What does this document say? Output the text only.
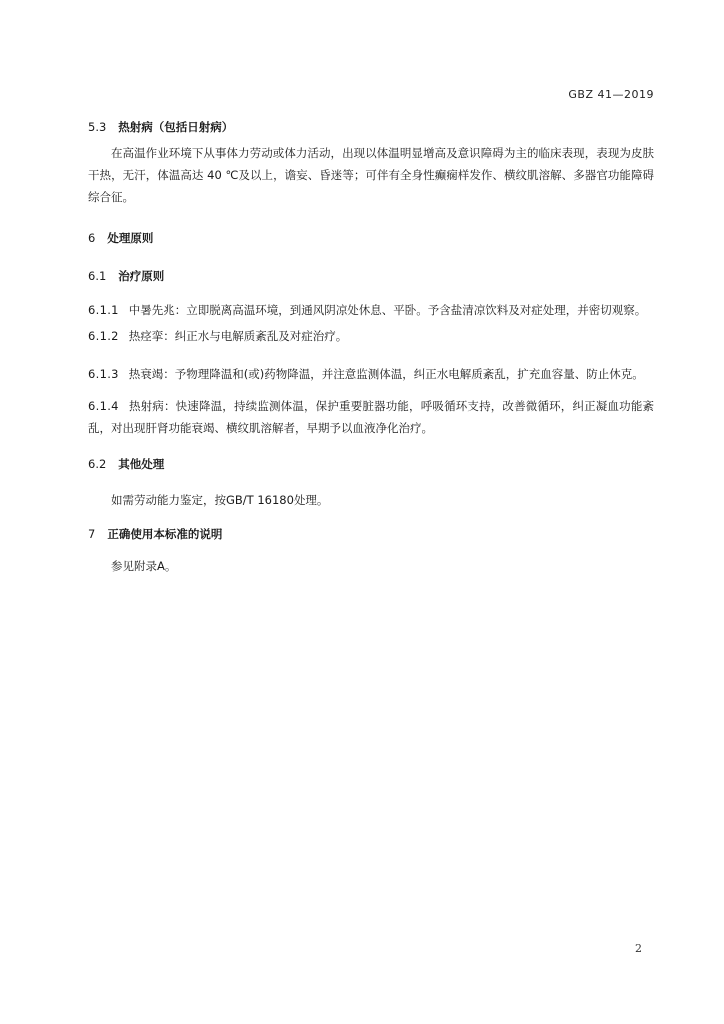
GBZ 41—2019
5.3 热射病（包括日射病）

在高温作业环境下从事体力劳动或体力活动，出现以体温明显增高及意识障碍为主的临床表现，表现为皮肤干热，无汗，体温高达 40 ℃及以上，谵妄、昏迷等；可伴有全身性癫痫样发作、横纹肌溶解、多器官功能障碍综合征。

6 处理原则
6.1 治疗原则

6.1.1 中暑先兆：立即脱离高温环境，到通风阴凉处休息、平卧。予含盐清凉饮料及对症处理，并密切观察。

6.1.2 热痉挛：纠正水与电解质紊乱及对症治疗。

6.1.3 热衰竭：予物理降温和(或)药物降温，并注意监测体温，纠正水电解质紊乱，扩充血容量、防止休克。

6.1.4 热射病：快速降温，持续监测体温，保护重要脏器功能，呼吸循环支持，改善微循环，纠正凝血功能紊乱，对出现肝肾功能衰竭、横纹肌溶解者，早期予以血液净化治疗。

6.2 其他处理

如需劳动能力鉴定，按GB/T 16180处理。

7 正确使用本标准的说明

参见附录A。

2
